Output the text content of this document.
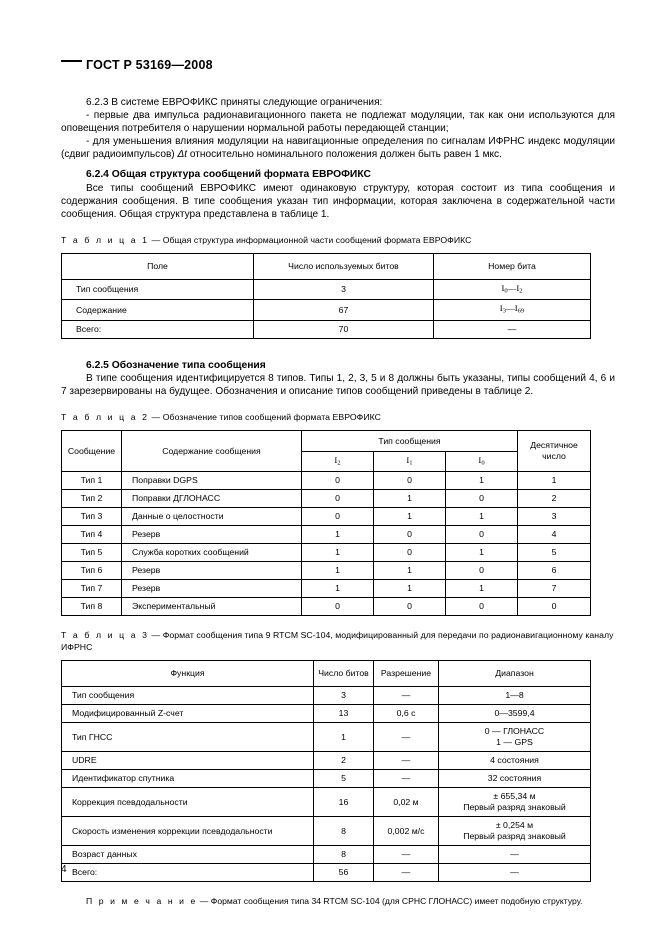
ГОСТ Р 53169—2008

6.2.3 В системе ЕВРОФИКС приняты следующие ограничения:

- первые два импульса радионавигационного пакета не подлежат модуляции, так как они используются для оповещения потребителя о нарушении нормальной работы передающей станции;

- для уменьшения влияния модуляции на навигационные определения по сигналам ИФРНС индекс модуляции (сдвиг радиоимпульсов) Δt относительно номинального положения должен быть равен 1 мкс.

6.2.4 Общая структура сообщений формата ЕВРОФИКС

Все типы сообщений ЕВРОФИКС имеют одинаковую структуру, которая состоит из типа сообщения и содержания сообщения. В типе сообщения указан тип информации, которая заключена в содержательной части сообщения. Общая структура представлена в таблице 1.

Т а б л и ц а 1 — Общая структура информационной части сообщений формата ЕВРОФИКС

Поле	Число используемых битов	Номер бита
Тип сообщения	3	$I_0—I_2$
Содержание	67	$I_3—I_{69}$
Всего:	70	—
6.2.5 Обозначение типа сообщения

В типе сообщения идентифицируется 8 типов. Типы 1, 2, 3, 5 и 8 должны быть указаны, типы сообщений 4, 6 и 7 зарезервированы на будущее. Обозначения и описание типов сообщений приведены в таблице 2.

Т а б л и ц а 2 — Обозначение типов сообщений формата ЕВРОФИКС

Сообщение	Содержание сообщения	Тип сообщения			Десятичное
число
		$I_2$	$I_1$	$I_0$
Тип 1	Поправки DGPS	0	0	1	1
Тип 2	Поправки ДГЛОНАСС	0	1	0	2
Тип 3	Данные о целостности	0	1	1	3
Тип 4	Резерв	1	0	0	4
Тип 5	Служба коротких сообщений	1	0	1	5
Тип 6	Резерв	1	1	0	6
Тип 7	Резерв	1	1	1	7
Тип 8	Экспериментальный	0	0	0	0

Т а б л и ц а 3 — Формат сообщения типа 9 RTCM SC-104, модифицированный для передачи по радионавигационному каналу ИФРНС

Функция	Число битов	Разрешение	Диапазон
Тип сообщения	3	—	1—8
Модифицированный Z-счет	13	0,6 с	0—3599,4
Тип ГНСС	1	—	0 — ГЛОНАСС
1 — GPS
UDRE	2	—	4 состояния
Идентификатор спутника	5	—	32 состояния
Коррекция псевдодальности	16	0,02 м	± 655,34 м
Первый разряд знаковый
Скорость изменения коррекции псевдодальности	8	0,002 м/с	± 0,254 м
Первый разряд знаковый
Возраст данных	8	—	—
Всего:	56	—	—

П р и м е ч а н и е — Формат сообщения типа 34 RTCM SC-104 (для СРНС ГЛОНАСС) имеет подобную структуру.

4
